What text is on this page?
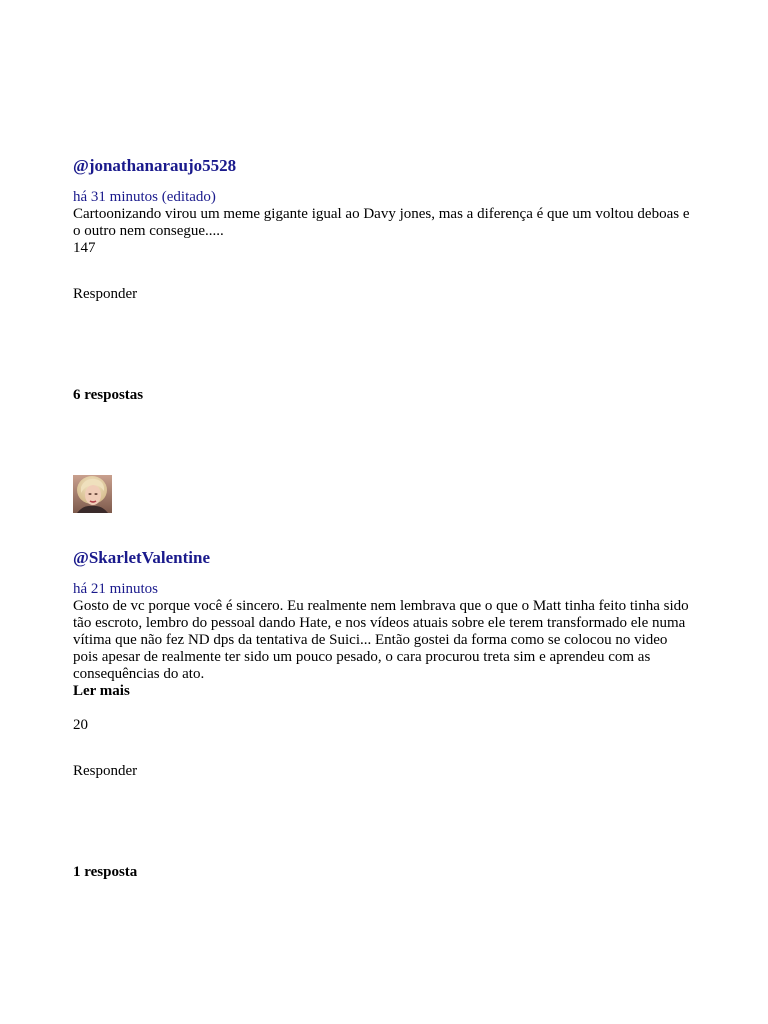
@jonathanaraujo5528
há 31 minutos (editado)

Cartoonizando virou um meme gigante igual ao Davy jones, mas a diferença é que um voltou deboas e o outro nem consegue.....

147
Responder
6 respostas
@SkarletValentine
há 21 minutos

Gosto de vc porque você é sincero. Eu realmente nem lembrava que o que o Matt tinha feito tinha sido tão escroto, lembro do pessoal dando Hate, e nos vídeos atuais sobre ele terem transformado ele numa vítima que não fez ND dps da tentativa de Suici... Então gostei da forma como se colocou no video pois apesar de realmente ter sido um pouco pesado, o cara procurou treta sim e aprendeu com as consequências do ato.

Ler mais
20
Responder
1 resposta
